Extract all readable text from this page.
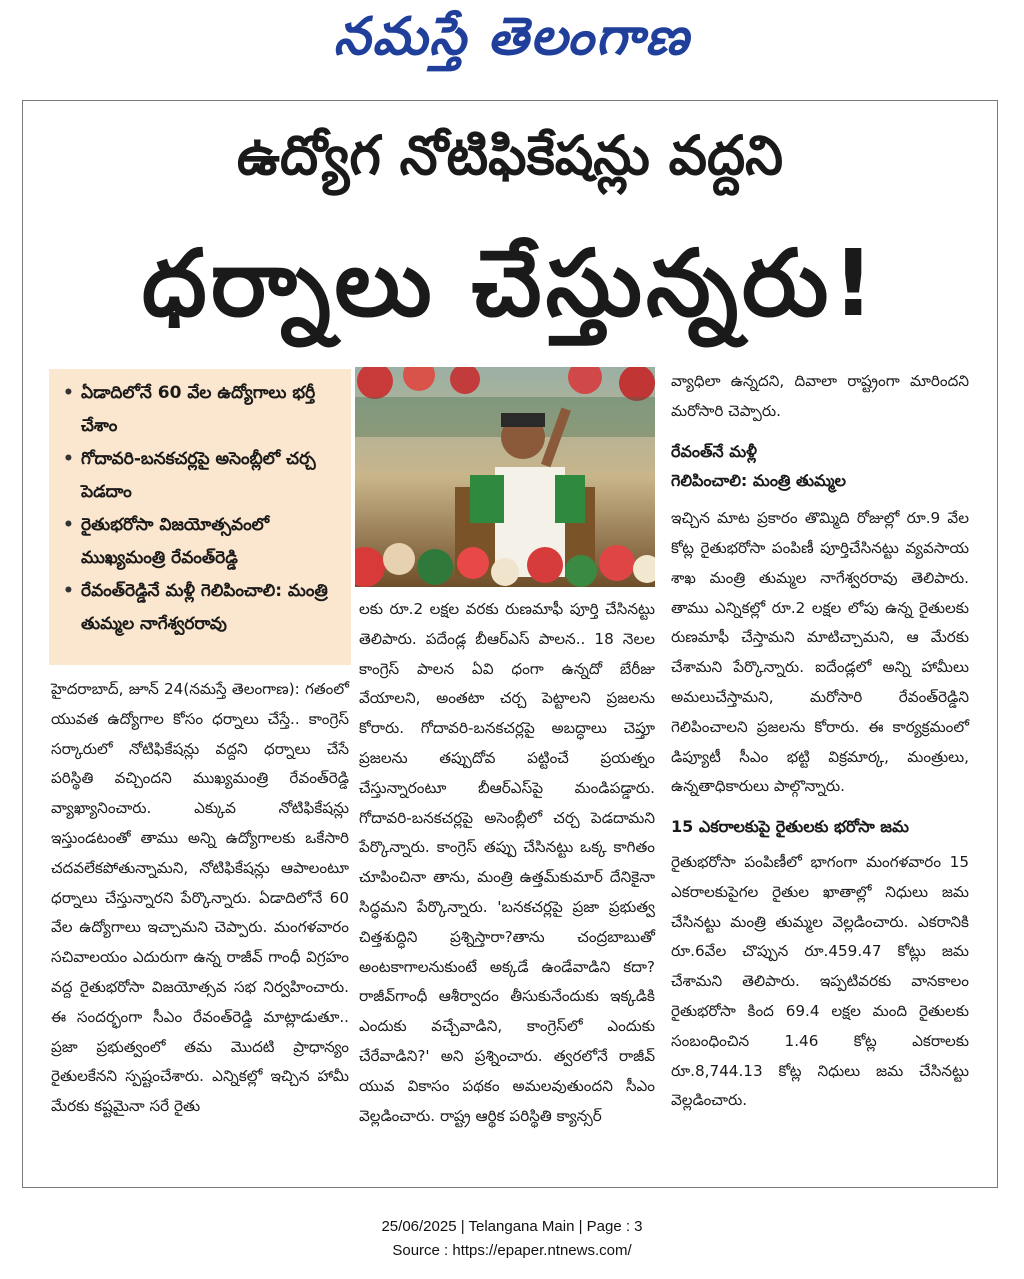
నమస్తే తెలంగాణ
ఉద్యోగ నోటిఫికేషన్లు వద్దని
ధర్నాలు చేస్తున్నరు!
• ఏడాదిలోనే 60 వేల ఉద్యోగాలు భర్తీ చేశాం
• గోదావరి-బనకచర్లపై అసెంబ్లీలో చర్చ పెడదాం
• రైతుభరోసా విజయోత్సవంలో ముఖ్యమంత్రి రేవంత్‌రెడ్డి
• రేవంత్‌రెడ్డినే మళ్లీ గెలిపించాలి: మంత్రి తుమ్మల నాగేశ్వరరావు

హైదరాబాద్, జూన్ 24(నమస్తే తెలంగాణ): గతంలో యువత ఉద్యోగాల కోసం ధర్నాలు చేస్తే.. కాంగ్రెస్ సర్కారులో నోటిఫికేషన్లు వద్దని ధర్నాలు చేసే పరిస్థితి వచ్చిందని ముఖ్యమంత్రి రేవంత్‌రెడ్డి వ్యాఖ్యానించారు. ఎక్కువ నోటిఫికేషన్లు ఇస్తుండటంతో తాము అన్ని ఉద్యోగాలకు ఒకేసారి చదవలేకపోతున్నామని, నోటిఫికేషన్లు ఆపాలంటూ ధర్నాలు చేస్తున్నారని పేర్కొన్నారు. ఏడాదిలోనే 60 వేల ఉద్యోగాలు ఇచ్చామని చెప్పారు. మంగళవారం సచివాలయం ఎదురుగా ఉన్న రాజీవ్ గాంధీ విగ్రహం వద్ద రైతుభరోసా విజయోత్సవ సభ నిర్వహించారు. ఈ సందర్భంగా సీఎం రేవంత్‌రెడ్డి మాట్లాడుతూ.. ప్రజా ప్రభుత్వంలో తమ మొదటి ప్రాధాన్యం రైతులకేనని స్పష్టంచేశారు. ఎన్నికల్లో ఇచ్చిన హామీ మేరకు కష్టమైనా సరే రైతు

లకు రూ.2 లక్షల వరకు రుణమాఫీ పూర్తి చేసినట్టు తెలిపారు. పదేండ్ల బీఆర్‌ఎస్ పాలన.. 18 నెలల కాంగ్రెస్ పాలన ఏవి ధంగా ఉన్నదో బేరీజు వేయాలని, అంతటా చర్చ పెట్టాలని ప్రజలను కోరారు. గోదావరి-బనకచర్లపై అబద్ధాలు చెప్తూ ప్రజలను తప్పుదోవ పట్టించే ప్రయత్నం చేస్తున్నారంటూ బీఆర్‌ఎస్‌పై మండిపడ్డారు. గోదావరి-బనకచర్లపై అసెంబ్లీలో చర్చ పెడదామని పేర్కొన్నారు. కాంగ్రెస్ తప్పు చేసినట్టు ఒక్క కాగితం చూపించినా తాను, మంత్రి ఉత్తమ్‌కుమార్ దేనికైనా సిద్ధమని పేర్కొన్నారు. 'బనకచర్లపై ప్రజా ప్రభుత్వ చిత్తశుద్ధిని ప్రశ్నిస్తారా?తాను చంద్రబాబుతో అంటకాగాలనుకుంటే అక్కడే ఉండేవాడిని కదా? రాజీవ్‌గాంధీ ఆశీర్వాదం తీసుకునేందుకు ఇక్కడికి ఎందుకు వచ్చేవాడిని, కాంగ్రెస్‌లో ఎందుకు చేరేవాడిని?' అని ప్రశ్నించారు. త్వరలోనే రాజీవ్ యువ వికాసం పథకం అమలవుతుందని సీఎం వెల్లడించారు. రాష్ట్ర ఆర్థిక పరిస్థితి క్యాన్సర్

వ్యాధిలా ఉన్నదని, దివాలా రాష్ట్రంగా మారిందని మరోసారి చెప్పారు.

రేవంత్‌నే మళ్లీ
గెలిపించాలి: మంత్రి తుమ్మల

ఇచ్చిన మాట ప్రకారం తొమ్మిది రోజుల్లో రూ.9 వేల కోట్ల రైతుభరోసా పంపిణీ పూర్తిచేసినట్టు వ్యవసాయ శాఖ మంత్రి తుమ్మల నాగేశ్వరరావు తెలిపారు. తాము ఎన్నికల్లో రూ.2 లక్షల లోపు ఉన్న రైతులకు రుణమాఫీ చేస్తామని మాటిచ్చామని, ఆ మేరకు చేశామని పేర్కొన్నారు. ఐదేండ్లలో అన్ని హామీలు అమలుచేస్తామని, మరోసారి రేవంత్‌రెడ్డిని గెలిపించాలని ప్రజలను కోరారు. ఈ కార్యక్రమంలో డిప్యూటీ సీఎం భట్టి విక్రమార్క, మంత్రులు, ఉన్నతాధికారులు పాల్గొన్నారు.

15 ఎకరాలకుపై రైతులకు భరోసా జమ

రైతుభరోసా పంపిణీలో భాగంగా మంగళవారం 15 ఎకరాలకుపైగల రైతుల ఖాతాల్లో నిధులు జమ చేసినట్టు మంత్రి తుమ్మల వెల్లడించారు. ఎకరానికి రూ.6వేల చొప్పున రూ.459.47 కోట్లు జమ చేశామని తెలిపారు. ఇప్పటివరకు వానకాలం రైతుభరోసా కింద 69.4 లక్షల మంది రైతులకు సంబంధించిన 1.46 కోట్ల ఎకరాలకు రూ.8,744.13 కోట్ల నిధులు జమ చేసినట్టు వెల్లడించారు.

25/06/2025 | Telangana Main | Page : 3
Source : https://epaper.ntnews.com/
